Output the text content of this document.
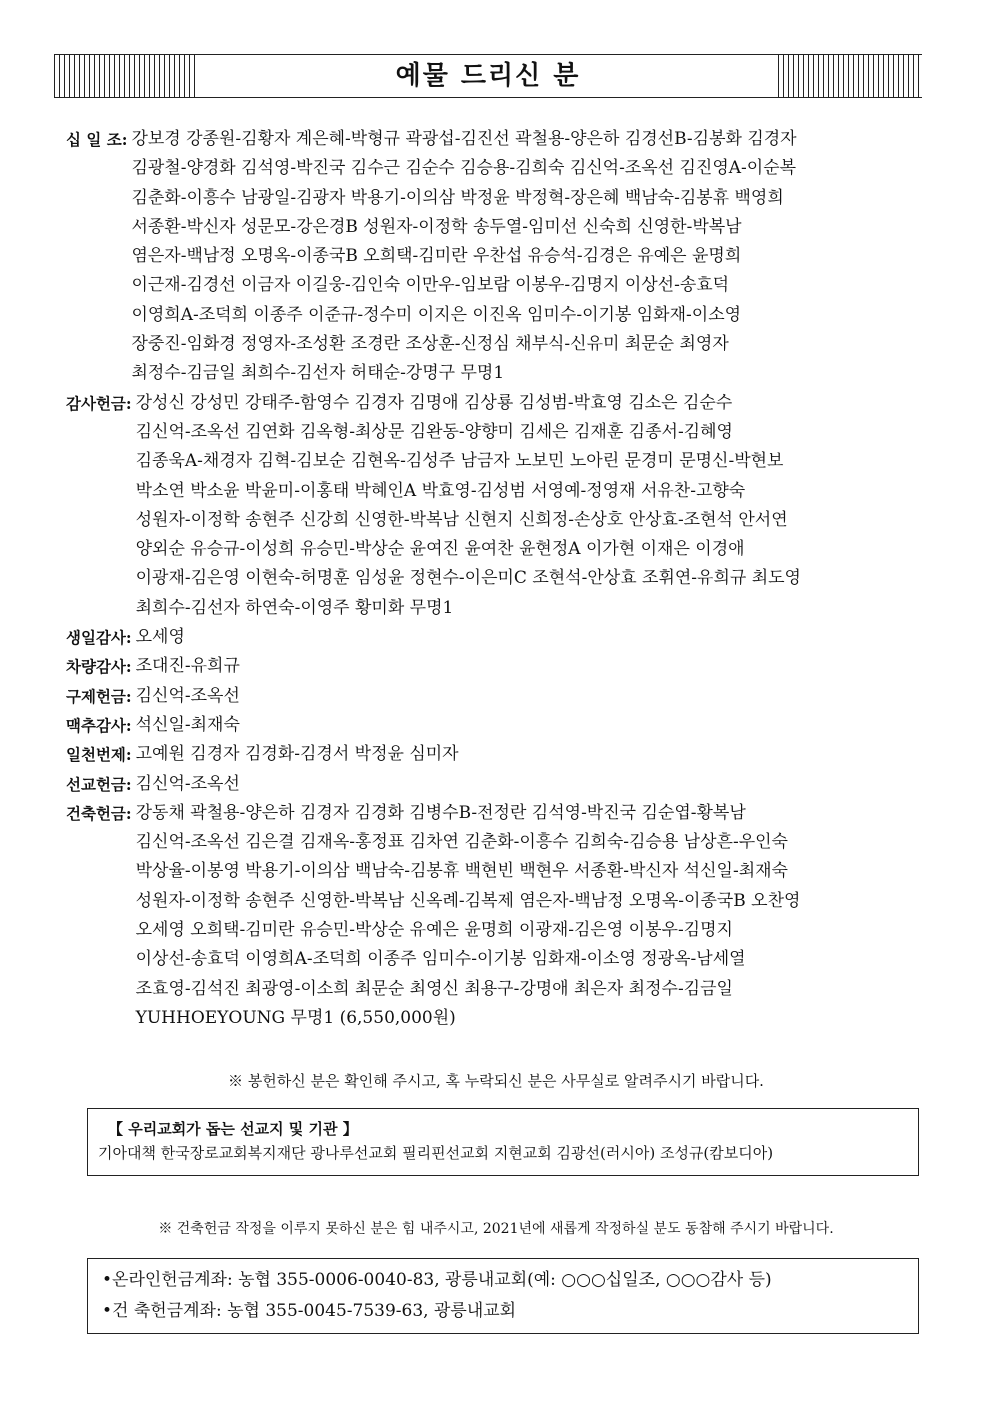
예물 드리신 분
십 일 조: 강보경 강종원-김황자 계은혜-박형규 곽광섭-김진선 곽철용-양은하 김경선B-김봉화 김경자
김광철-양경화 김석영-박진국 김수근 김순수 김승용-김희숙 김신억-조옥선 김진영A-이순복
김춘화-이흥수 남광일-김광자 박용기-이의삼 박정윤 박정혁-장은혜 백남숙-김봉휴 백영희
서종환-박신자 성문모-강은경B 성원자-이정학 송두열-임미선 신숙희 신영한-박복남
염은자-백남정 오명옥-이종국B 오희택-김미란 우찬섭 유승석-김경은 유예은 윤명희
이근재-김경선 이금자 이길웅-김인숙 이만우-임보람 이봉우-김명지 이상선-송효덕
이영희A-조덕희 이종주 이준규-정수미 이지은 이진옥 임미수-이기봉 임화재-이소영
장중진-임화경 정영자-조성환 조경란 조상훈-신정심 채부식-신유미 최문순 최영자
최정수-김금일 최희수-김선자 허태순-강명구 무명1
감사헌금: 강성신 강성민 강태주-함영수 김경자 김명애 김상룡 김성범-박효영 김소은 김순수
김신억-조옥선 김연화 김옥형-최상문 김완동-양향미 김세은 김재훈 김종서-김혜영
김종욱A-채경자 김혁-김보순 김현옥-김성주 남금자 노보민 노아린 문경미 문명신-박현보
박소연 박소윤 박윤미-이홍태 박혜인A 박효영-김성범 서영예-정영재 서유찬-고향숙
성원자-이정학 송현주 신강희 신영한-박복남 신현지 신희정-손상호 안상효-조현석 안서연
양외순 유승규-이성희 유승민-박상순 윤여진 윤여찬 윤현정A 이가현 이재은 이경애
이광재-김은영 이현숙-허명훈 임성윤 정현수-이은미C 조현석-안상효 조휘연-유희규 최도영
최희수-김선자 하연숙-이영주 황미화 무명1
생일감사: 오세영
차량감사: 조대진-유희규
구제헌금: 김신억-조옥선
맥추감사: 석신일-최재숙
일천번제: 고예원 김경자 김경화-김경서 박정윤 심미자
선교헌금: 김신억-조옥선
건축헌금: 강동채 곽철용-양은하 김경자 김경화 김병수B-전정란 김석영-박진국 김순엽-황복남
김신억-조옥선 김은결 김재옥-홍정표 김차연 김춘화-이흥수 김희숙-김승용 남상흔-우인숙
박상율-이봉영 박용기-이의삼 백남숙-김봉휴 백현빈 백현우 서종환-박신자 석신일-최재숙
성원자-이정학 송현주 신영한-박복남 신옥례-김복제 염은자-백남정 오명옥-이종국B 오찬영
오세영 오희택-김미란 유승민-박상순 유예은 윤명희 이광재-김은영 이봉우-김명지
이상선-송효덕 이영희A-조덕희 이종주 임미수-이기봉 임화재-이소영 정광옥-남세열
조효영-김석진 최광영-이소희 최문순 최영신 최용구-강명애 최은자 최정수-김금일
YUHHOEYOUNG 무명1 (6,550,000원)
※ 봉헌하신 분은 확인해 주시고, 혹 누락되신 분은 사무실로 알려주시기 바랍니다.
【 우리교회가 돕는 선교지 및 기관 】
기아대책 한국장로교회복지재단 광나루선교회 필리핀선교회 지현교회 김광선(러시아) 조성규(캄보디아)
※ 건축헌금 작정을 이루지 못하신 분은 힘 내주시고, 2021년에 새롭게 작정하실 분도 동참해 주시기 바랍니다.
•온라인헌금계좌: 농협 355-0006-0040-83, 광릉내교회(예: ○○○십일조, ○○○감사 등)
•건 축헌금계좌: 농협 355-0045-7539-63, 광릉내교회
